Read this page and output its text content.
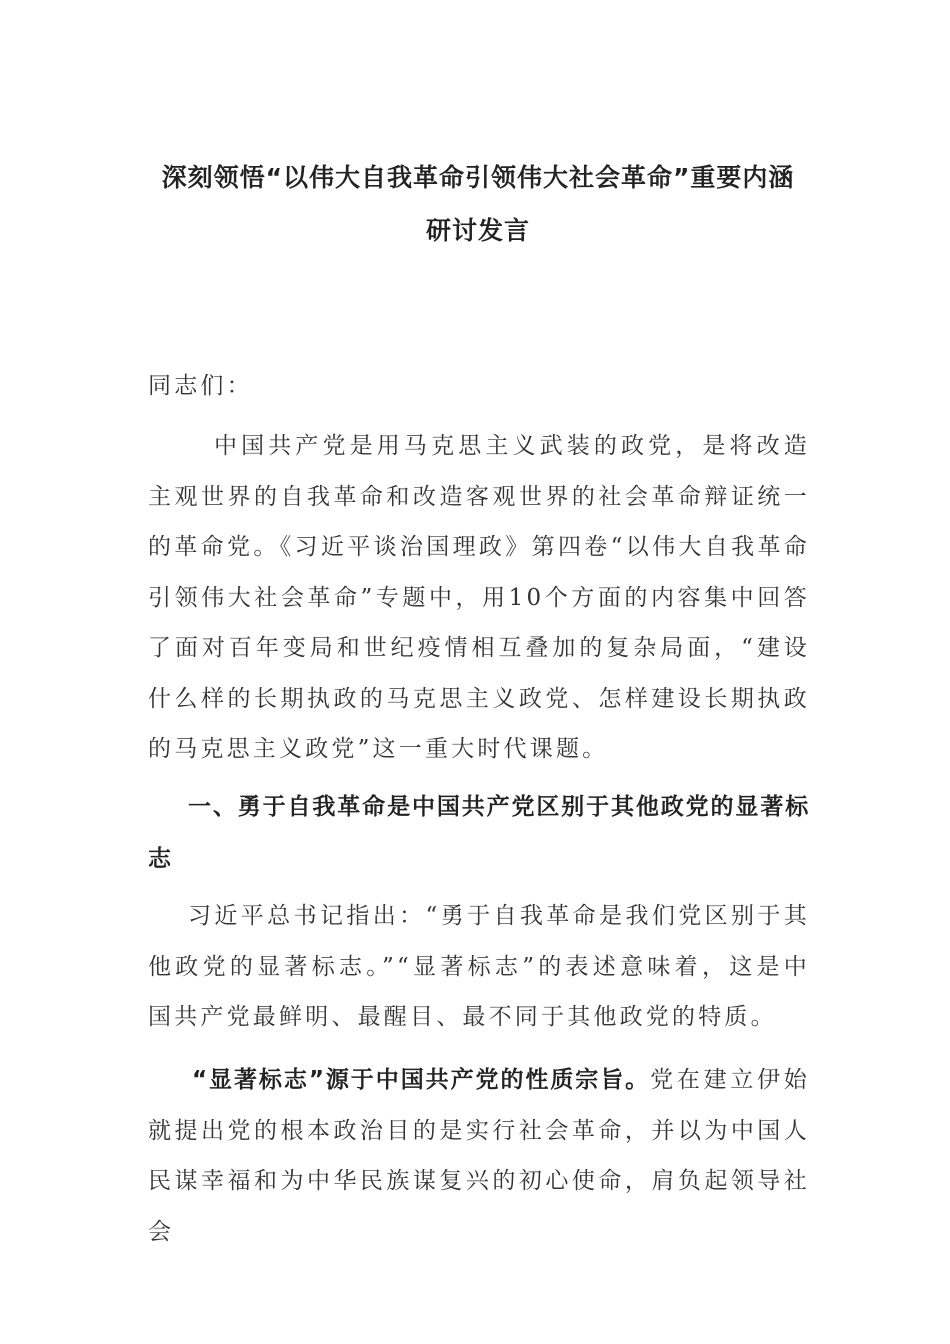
深刻领悟“以伟大自我革命引领伟大社会革命”重要内涵
研讨发言

同志们：

中国共产党是用马克思主义武装的政党，是将改造主观世界的自我革命和改造客观世界的社会革命辩证统一的革命党。《习近平谈治国理政》第四卷“以伟大自我革命引领伟大社会革命”专题中，用10个方面的内容集中回答了面对百年变局和世纪疫情相互叠加的复杂局面，“建设什么样的长期执政的马克思主义政党、怎样建设长期执政的马克思主义政党”这一重大时代课题。

一、勇于自我革命是中国共产党区别于其他政党的显著标志

习近平总书记指出：“勇于自我革命是我们党区别于其他政党的显著标志。”“显著标志”的表述意味着，这是中国共产党最鲜明、最醒目、最不同于其他政党的特质。

“显著标志”源于中国共产党的性质宗旨。党在建立伊始就提出党的根本政治目的是实行社会革命，并以为中国人民谋幸福和为中华民族谋复兴的初心使命，肩负起领导社会
